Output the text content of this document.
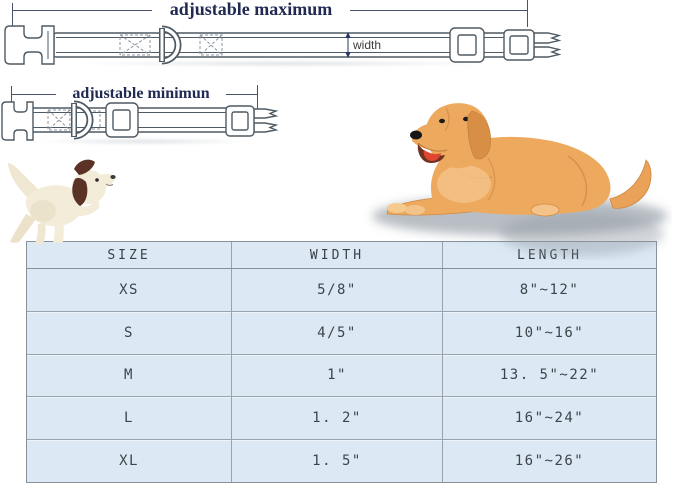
adjustable maximum
width
adjustable minimun
SIZE	WIDTH	LENGTH
XS	5/8"	8"~12"
S	4/5"	10"~16"
M	1"	13. 5"~22"
L	1. 2"	16"~24"
XL	1. 5"	16"~26"
